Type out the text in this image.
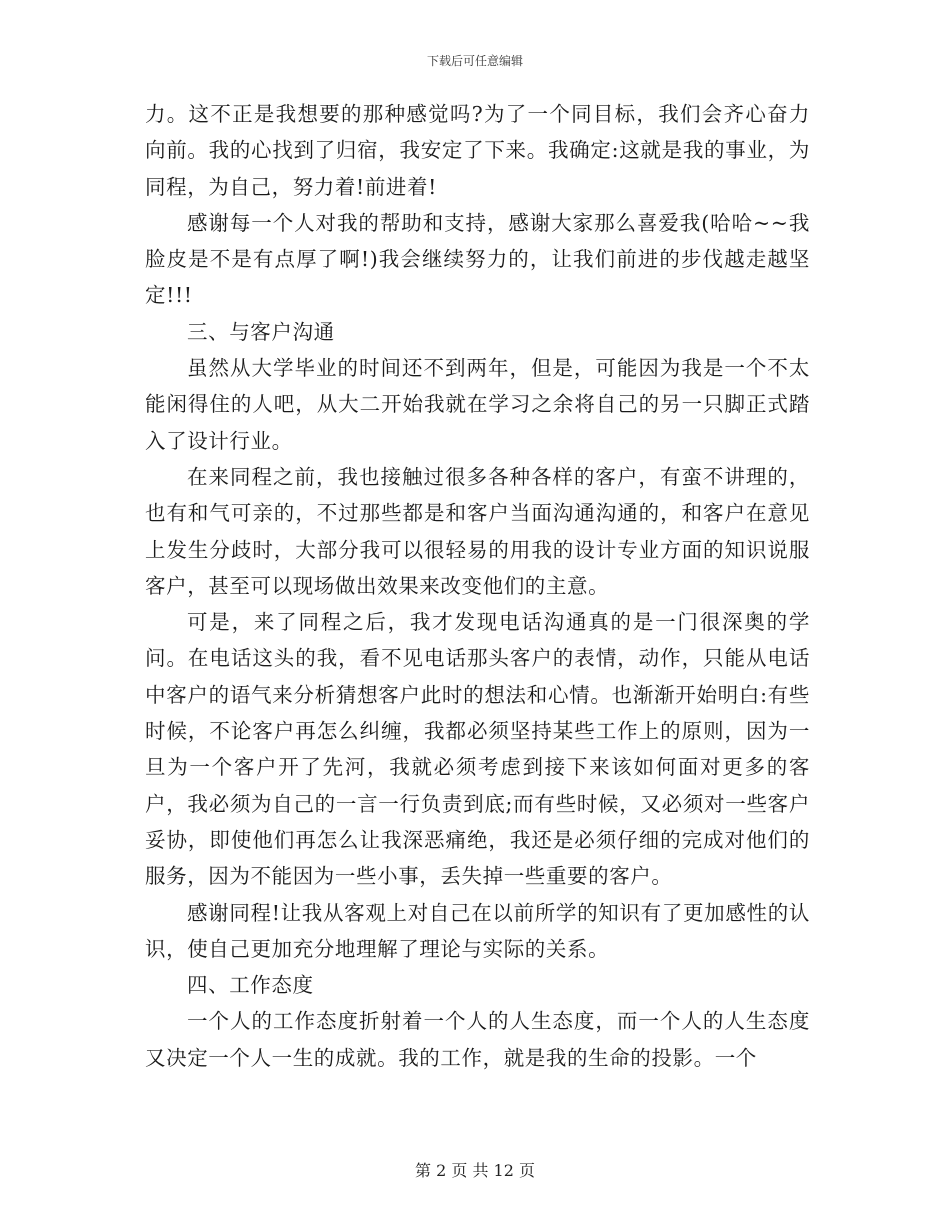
下载后可任意编辑

力。这不正是我想要的那种感觉吗?为了一个同目标，我们会齐心奋力向前。我的心找到了归宿，我安定了下来。我确定:这就是我的事业，为同程，为自己，努力着!前进着!

感谢每一个人对我的帮助和支持，感谢大家那么喜爱我(哈哈~~我脸皮是不是有点厚了啊!)我会继续努力的，让我们前进的步伐越走越坚定!!!

三、与客户沟通

虽然从大学毕业的时间还不到两年，但是，可能因为我是一个不太能闲得住的人吧，从大二开始我就在学习之余将自己的另一只脚正式踏入了设计行业。

在来同程之前，我也接触过很多各种各样的客户，有蛮不讲理的，也有和气可亲的，不过那些都是和客户当面沟通沟通的，和客户在意见上发生分歧时，大部分我可以很轻易的用我的设计专业方面的知识说服客户，甚至可以现场做出效果来改变他们的主意。

可是，来了同程之后，我才发现电话沟通真的是一门很深奥的学问。在电话这头的我，看不见电话那头客户的表情，动作，只能从电话中客户的语气来分析猜想客户此时的想法和心情。也渐渐开始明白:有些时候，不论客户再怎么纠缠，我都必须坚持某些工作上的原则，因为一旦为一个客户开了先河，我就必须考虑到接下来该如何面对更多的客户，我必须为自己的一言一行负责到底;而有些时候，又必须对一些客户妥协，即使他们再怎么让我深恶痛绝，我还是必须仔细的完成对他们的服务，因为不能因为一些小事，丢失掉一些重要的客户。

感谢同程!让我从客观上对自己在以前所学的知识有了更加感性的认识，使自己更加充分地理解了理论与实际的关系。

四、工作态度

一个人的工作态度折射着一个人的人生态度，而一个人的人生态度又决定一个人一生的成就。我的工作，就是我的生命的投影。一个

第 2 页 共 12 页
